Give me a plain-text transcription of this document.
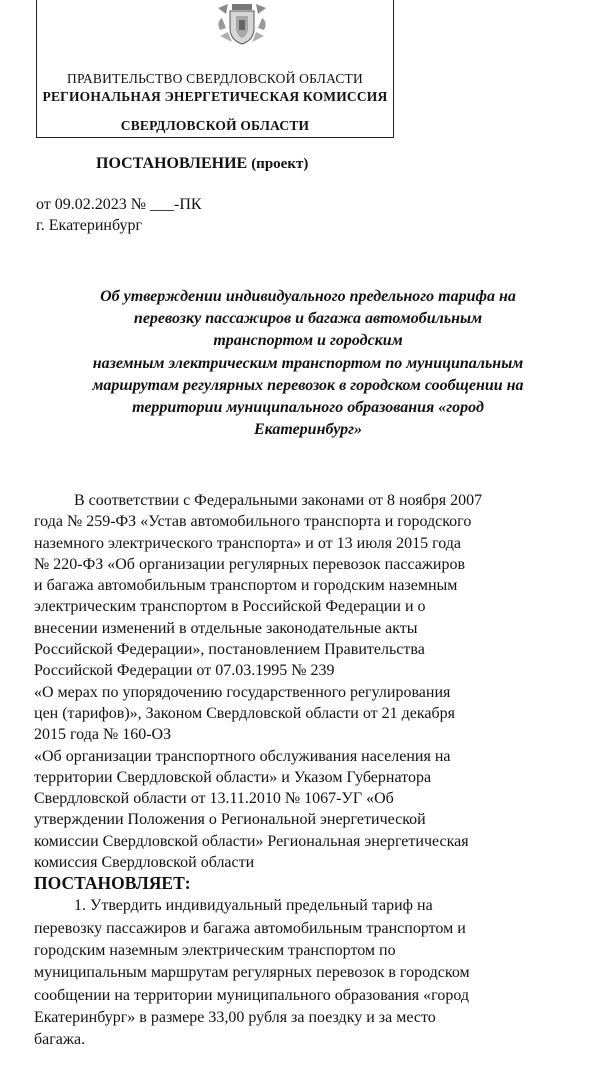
ПРАВИТЕЛЬСТВО СВЕРДЛОВСКОЙ ОБЛАСТИ
РЕГИОНАЛЬНАЯ ЭНЕРГЕТИЧЕСКАЯ КОМИССИЯ
СВЕРДЛОВСКОЙ ОБЛАСТИ
ПОСТАНОВЛЕНИЕ (проект)
от 09.02.2023 № ___-ПК
г. Екатеринбург
Об утверждении индивидуального предельного тарифа на
перевозку пассажиров и багажа автомобильным
транспортом и городским
наземным электрическим транспортом по муниципальным
маршрутам регулярных перевозок в городском сообщении на
территории муниципального образования «город
Екатеринбург»
В соответствии с Федеральными законами от 8 ноября 2007
года № 259-ФЗ «Устав автомобильного транспорта и городского
наземного электрического транспорта» и от 13 июля 2015 года
№ 220-ФЗ «Об организации регулярных перевозок пассажиров
и багажа автомобильным транспортом и городским наземным
электрическим транспортом в Российской Федерации и о
внесении изменений в отдельные законодательные акты
Российской Федерации», постановлением Правительства
Российской Федерации от 07.03.1995 № 239
«О мерах по упорядочению государственного регулирования
цен (тарифов)», Законом Свердловской области от 21 декабря
2015 года № 160-ОЗ
«Об организации транспортного обслуживания населения на
территории Свердловской области» и Указом Губернатора
Свердловской области от 13.11.2010 № 1067-УГ «Об
утверждении Положения о Региональной энергетической
комиссии Свердловской области» Региональная энергетическая
комиссия Свердловской области
ПОСТАНОВЛЯЕТ:
1. Утвердить индивидуальный предельный тариф на
перевозку пассажиров и багажа автомобильным транспортом и
городским наземным электрическим транспортом по
муниципальным маршрутам регулярных перевозок в городском
сообщении на территории муниципального образования «город
Екатеринбург» в размере 33,00 рубля за поездку и за место
багажа.
